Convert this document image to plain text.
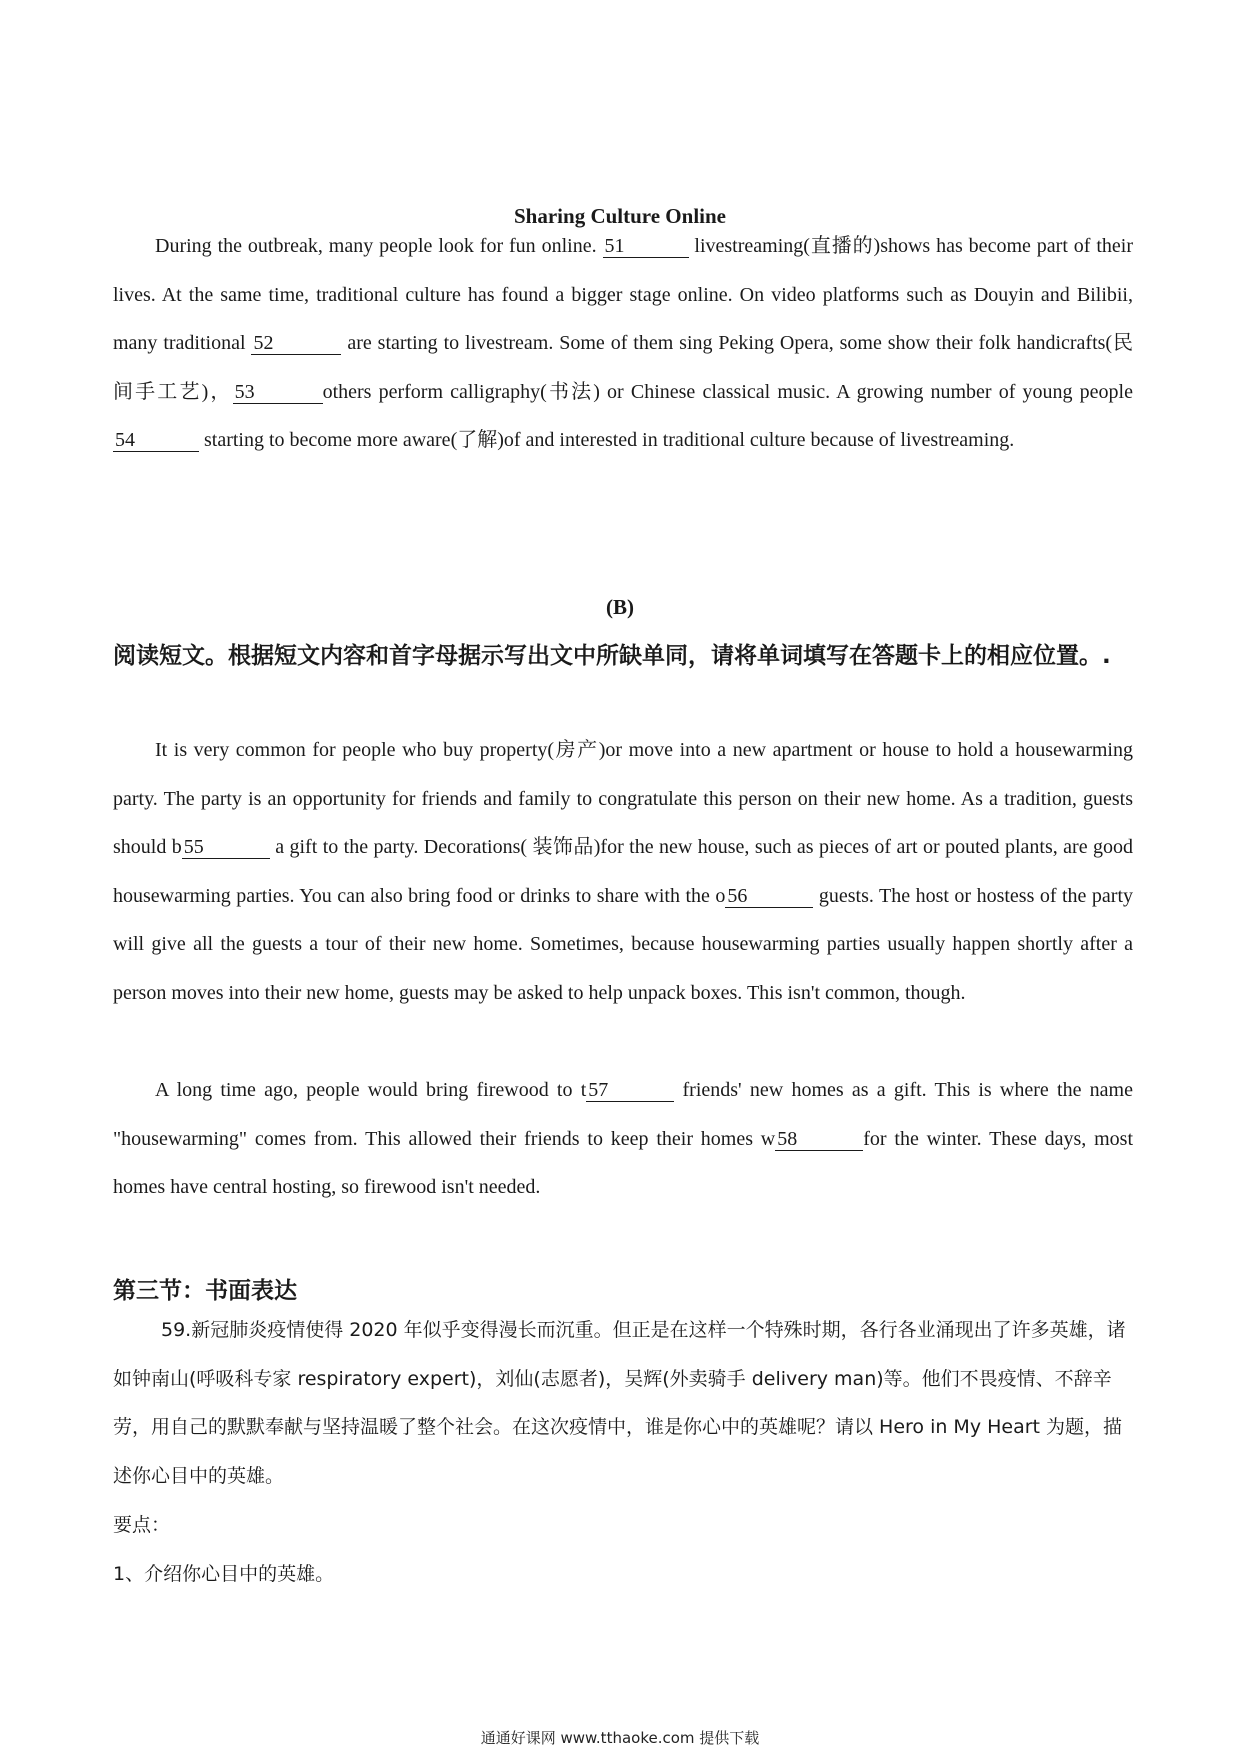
Sharing Culture Online

During the outbreak, many people look for fun online. 51	livestreaming(直播的)shows has become part of their lives. At the same time, traditional culture has found a bigger stage online. On video platforms such as Douyin and Bilibii, many traditional 52	are starting to livestream. Some of them sing Peking Opera, some show their folk handicrafts(民间手工艺)， 53	others perform calligraphy(书法) or Chinese classical music. A growing number of young people 54	starting to become more aware(了解)of and interested in traditional culture because of livestreaming.

(B)

阅读短文。根据短文内容和首字母据示写出文中所缺单同，请将单词填写在答题卡上的相应位置。.

It is very common for people who buy property(房产)or move into a new apartment or house to hold a housewarming party. The party is an opportunity for friends and family to congratulate this person on their new home. As a tradition, guests should b 55	a gift to the party. Decorations( 装饰品)for the new house, such as pieces of art or pouted plants, are good housewarming parties. You can also bring food or drinks to share with the o 56	guests. The host or hostess of the party will give all the guests a tour of their new home. Sometimes, because housewarming parties usually happen shortly after a person moves into their new home, guests may be asked to help unpack boxes. This isn't common, though.

A long time ago, people would bring firewood to t 57	friends' new homes as a gift. This is where the name "housewarming" comes from. This allowed their friends to keep their homes w 58	for the winter. These days, most homes have central hosting, so firewood isn't needed.

第三节：书面表达

59.新冠肺炎疫情使得 2020 年似乎变得漫长而沉重。但正是在这样一个特殊时期，各行各业涌现出了许多英雄，诸如钟南山(呼吸科专家 respiratory expert)，刘仙(志愿者)，吴辉(外卖骑手 delivery man)等。他们不畏疫情、不辞辛劳，用自己的默默奉献与坚持温暖了整个社会。在这次疫情中，谁是你心中的英雄呢？请以 Hero in My Heart 为题，描述你心目中的英雄。

要点：
1、介绍你心目中的英雄。
通通好课网 www.tthaoke.com 提供下载
